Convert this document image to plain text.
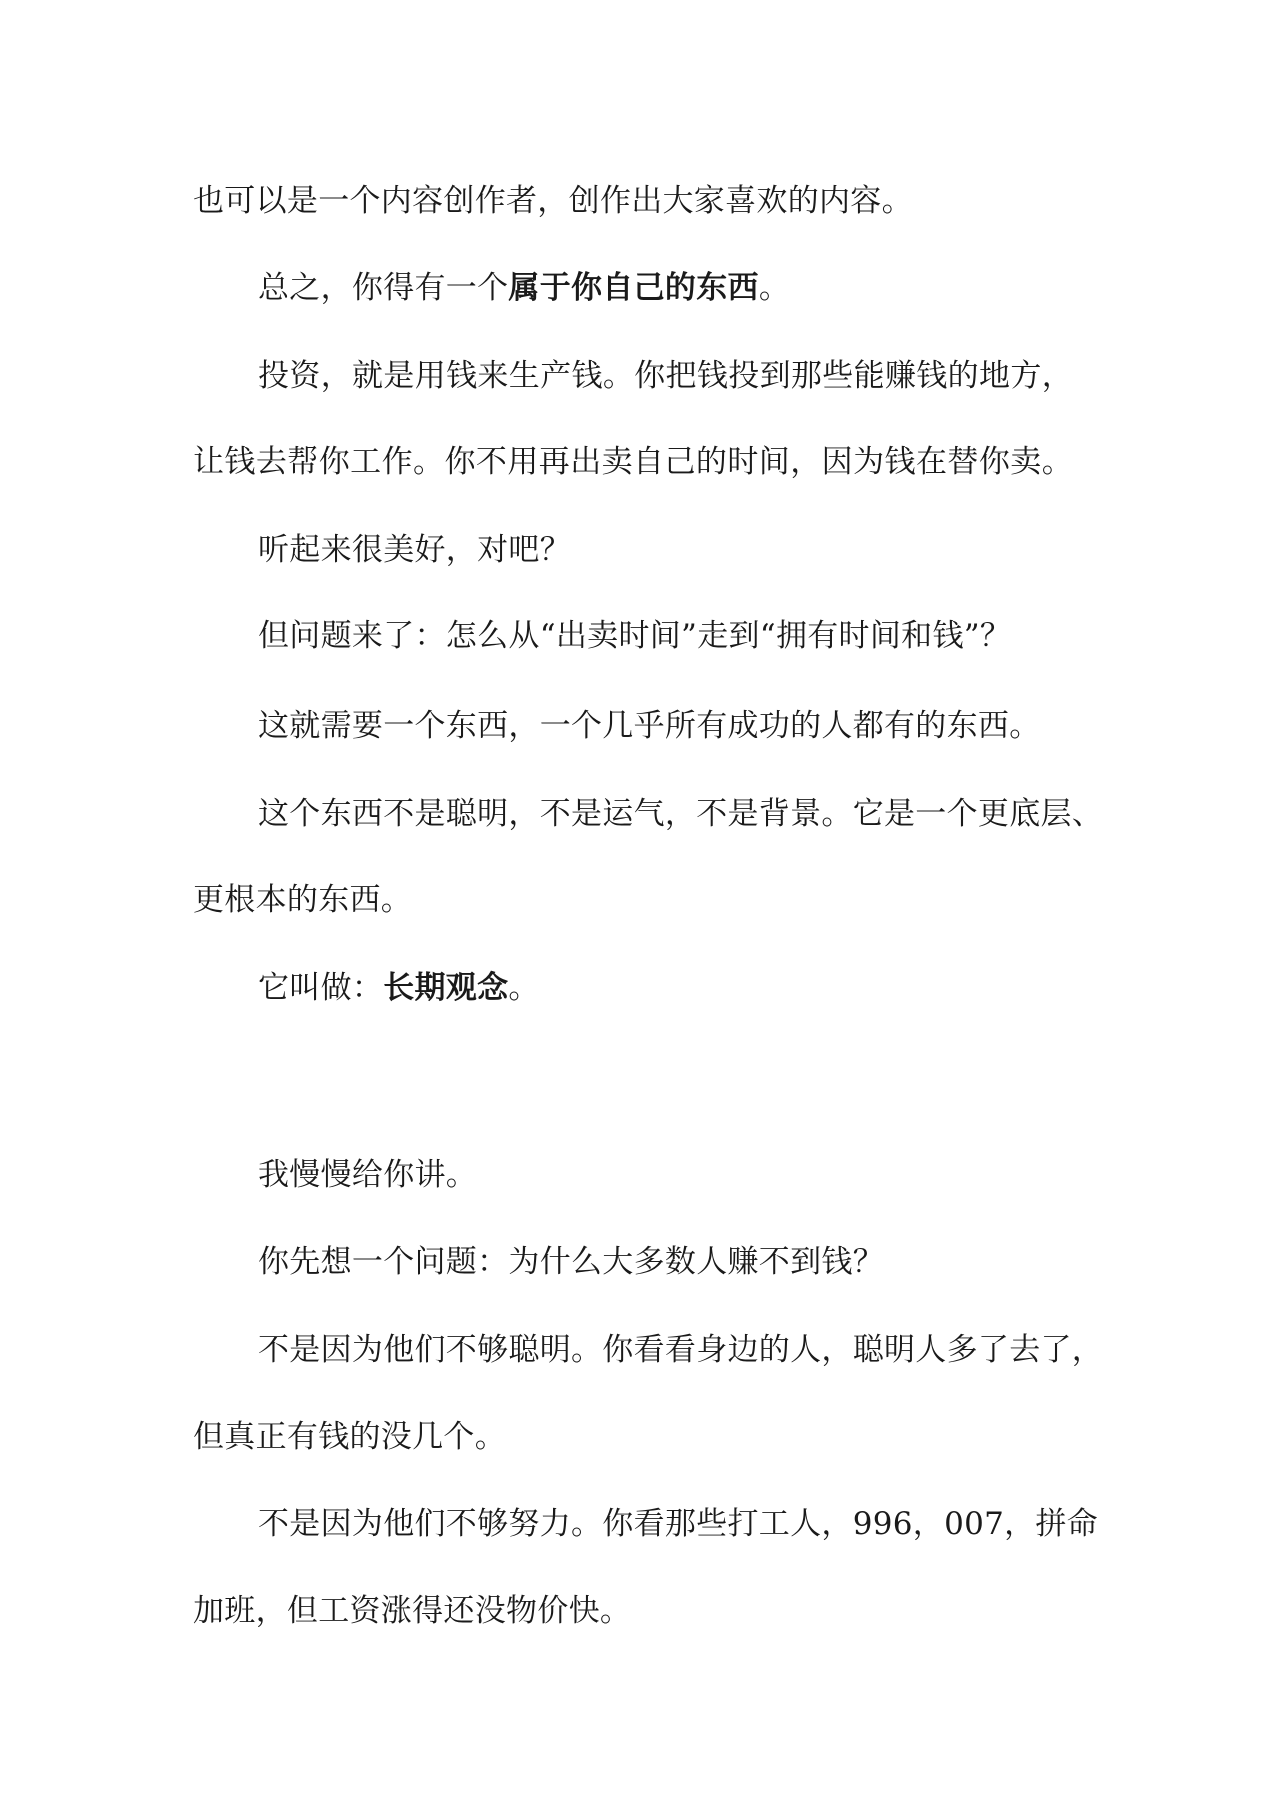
也可以是一个内容创作者，创作出大家喜欢的内容。

总之，你得有一个属于你自己的东西。

投资，就是用钱来生产钱。你把钱投到那些能赚钱的地方，

让钱去帮你工作。你不用再出卖自己的时间，因为钱在替你卖。

听起来很美好，对吧？

但问题来了：怎么从“出卖时间”走到“拥有时间和钱”？

这就需要一个东西，一个几乎所有成功的人都有的东西。

这个东西不是聪明，不是运气，不是背景。它是一个更底层、

更根本的东西。

它叫做：长期观念。

我慢慢给你讲。

你先想一个问题：为什么大多数人赚不到钱？

不是因为他们不够聪明。你看看身边的人，聪明人多了去了，

但真正有钱的没几个。

不是因为他们不够努力。你看那些打工人，996，007，拼命

加班，但工资涨得还没物价快。
